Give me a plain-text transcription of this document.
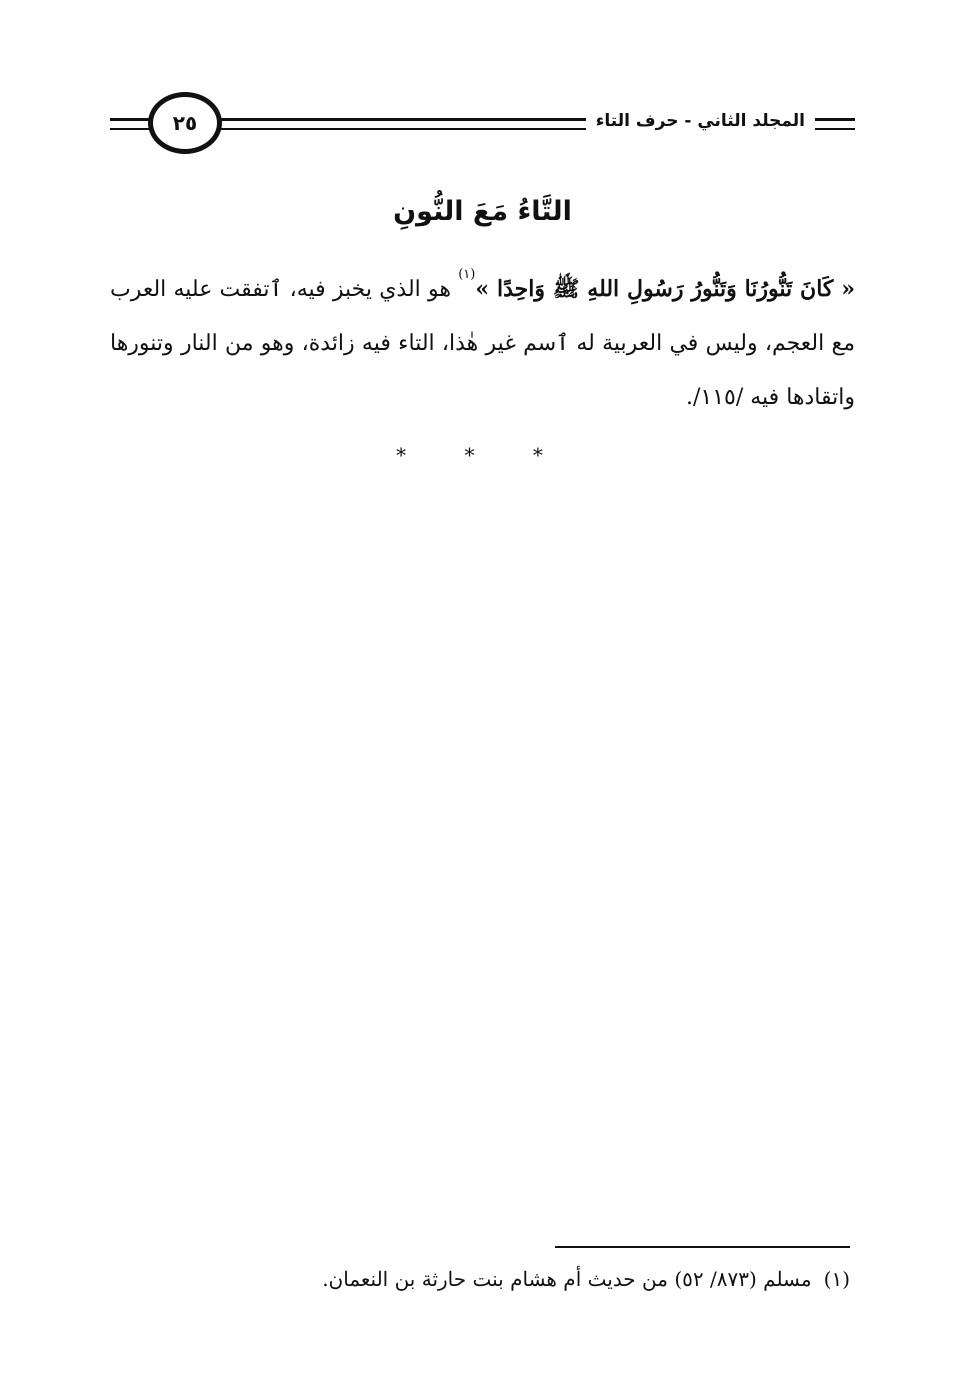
المجلد الثاني - حرف التاء
٢٥
التَّاءُ مَعَ النُّونِ
« كَانَ تَنُّورُنَا وَتَنُّورُ رَسُولِ اللهِ ﷺ وَاحِدًا »$^{(١)}$ هو الذي يخبز فيه، ٱتفقت عليه العرب مع العجم، وليس في العربية له ٱسم غير هٰذا، التاء فيه زائدة، وهو من النار وتنورها واتقادها فيه /١١٥/.
* * *
(١)مسلم (٨٧٣/ ٥٢) من حديث أم هشام بنت حارثة بن النعمان.
